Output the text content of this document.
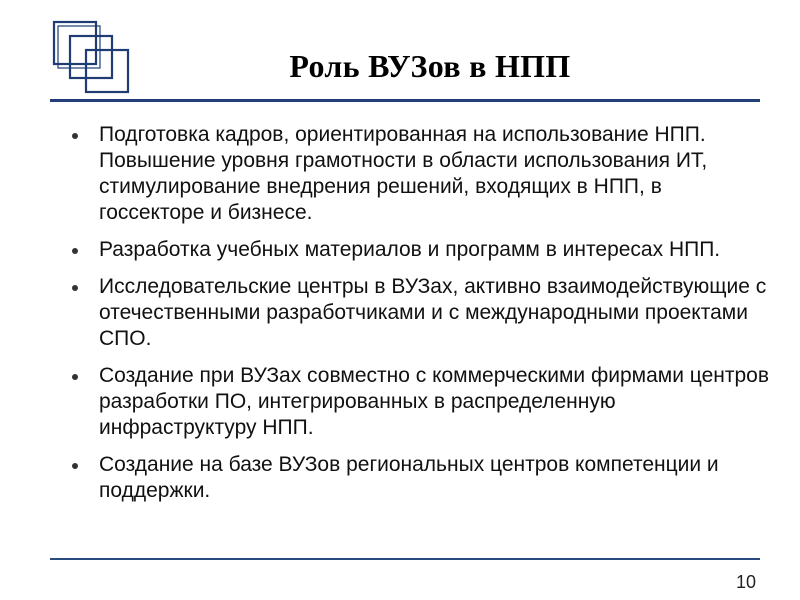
Роль ВУЗов в НПП
Подготовка кадров, ориентированная на использование НПП. Повышение уровня грамотности в области использования ИТ, стимулирование внедрения решений, входящих в НПП, в госсекторе и бизнесе.
Разработка учебных материалов и программ в интересах НПП.
Исследовательские центры в ВУЗах, активно взаимодействующие с отечественными разработчиками и с международными проектами СПО.
Создание при ВУЗах совместно с коммерческими фирмами центров разработки ПО, интегрированных в распределенную инфраструктуру НПП.
Создание на базе ВУЗов региональных центров компетенции и поддержки.
10
